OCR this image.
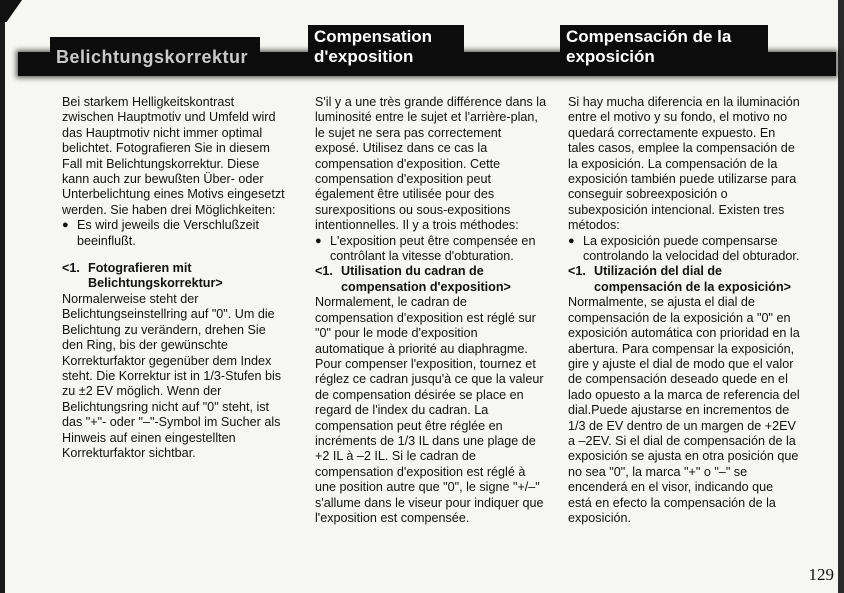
Belichtungskorrektur
Compensation
d'exposition
Compensación de la
exposición

Bei starkem Helligkeitskontrast zwischen Hauptmotiv und Umfeld wird das Hauptmotiv nicht immer optimal belichtet. Fotografieren Sie in diesem Fall mit Belichtungskorrektur. Diese kann auch zur bewußten Über- oder Unterbelichtung eines Motivs eingesetzt werden. Sie haben drei Möglichkeiten:

● Es wird jeweils die Verschlußzeit beeinflußt.
<1. Fotografieren mit Belichtungskorrektur>

Normalerweise steht der Belichtungseinstellring auf "0". Um die Belichtung zu verändern, drehen Sie den Ring, bis der gewünschte Korrekturfaktor gegenüber dem Index steht. Die Korrektur ist in 1/3-Stufen bis zu ±2 EV möglich. Wenn der Belichtungsring nicht auf "0" steht, ist das "+"- oder "–"-Symbol im Sucher als Hinweis auf einen eingestellten Korrekturfaktor sichtbar.

S'il y a une très grande différence dans la luminosité entre le sujet et l'arrière-plan, le sujet ne sera pas correctement exposé. Utilisez dans ce cas la compensation d'exposition. Cette compensation d'exposition peut également être utilisée pour des surexpositions ou sous-expositions intentionnelles. Il y a trois méthodes:

● L'exposition peut être compensée en contrôlant la vitesse d'obturation.
<1. Utilisation du cadran de compensation d'exposition>

Normalement, le cadran de compensation d'exposition est réglé sur "0" pour le mode d'exposition automatique à priorité au diaphragme. Pour compenser l'exposition, tournez et réglez ce cadran jusqu'à ce que la valeur de compensation désirée se place en regard de l'index du cadran. La compensation peut être réglée en incréments de 1/3 IL dans une plage de +2 IL à –2 IL. Si le cadran de compensation d'exposition est réglé à une position autre que "0", le signe "+/–" s'allume dans le viseur pour indiquer que l'exposition est compensée.

Si hay mucha diferencia en la iluminación entre el motivo y su fondo, el motivo no quedará correctamente expuesto. En tales casos, emplee la compensación de la exposición. La compensación de la exposición también puede utilizarse para conseguir sobreexposición o subexposición intencional. Existen tres métodos:

● La exposición puede compensarse controlando la velocidad del obturador.
<1. Utilización del dial de compensación de la exposición>

Normalmente, se ajusta el dial de compensación de la exposición a "0" en exposición automática con prioridad en la abertura. Para compensar la exposición, gire y ajuste el dial de modo que el valor de compensación deseado quede en el lado opuesto a la marca de referencia del dial.Puede ajustarse en incrementos de 1/3 de EV dentro de un margen de +2EV a –2EV. Si el dial de compensación de la exposición se ajusta en otra posición que no sea "0", la marca "+" o "–" se encenderá en el visor, indicando que está en efecto la compensación de la exposición.

129
